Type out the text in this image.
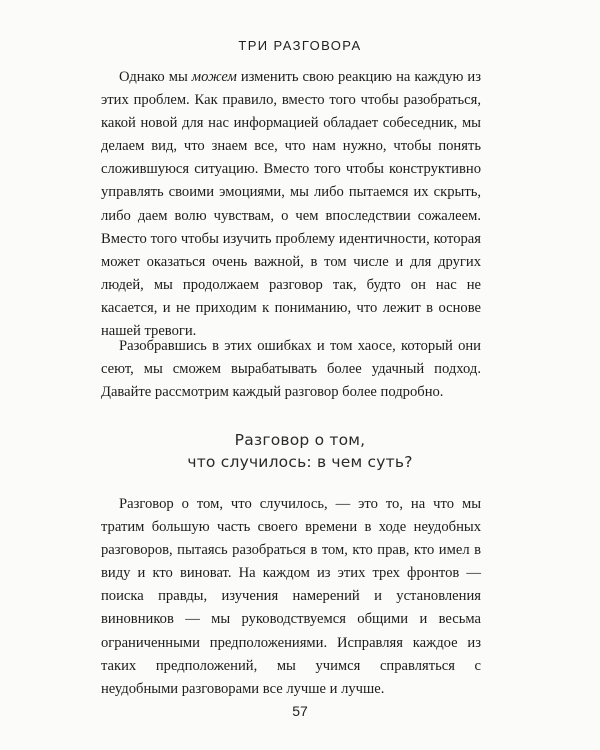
ТРИ РАЗГОВОРА

Однако мы можем изменить свою реакцию на каждую из этих проблем. Как правило, вместо того чтобы разобраться, какой новой для нас информацией обладает собеседник, мы делаем вид, что знаем все, что нам нужно, чтобы понять сложившуюся ситуацию. Вместо того чтобы конструктивно управлять своими эмоциями, мы либо пытаемся их скрыть, либо даем волю чувствам, о чем впоследствии сожалеем. Вместо того чтобы изучить проблему идентичности, которая может оказаться очень важной, в том числе и для других людей, мы продолжаем разговор так, будто он нас не касается, и не приходим к пониманию, что лежит в основе нашей тревоги.

Разобравшись в этих ошибках и том хаосе, который они сеют, мы сможем вырабатывать более удачный подход. Давайте рассмотрим каждый разговор более подробно.

Разговор о том,
что случилось: в чем суть?

Разговор о том, что случилось, — это то, на что мы тратим большую часть своего времени в ходе неудобных разговоров, пытаясь разобраться в том, кто прав, кто имел в виду и кто виноват. На каждом из этих трех фронтов — поиска правды, изучения намерений и установления виновников — мы руководствуемся общими и весьма ограниченными предположениями. Исправляя каждое из таких предположений, мы учимся справляться с неудобными разговорами все лучше и лучше.

57
